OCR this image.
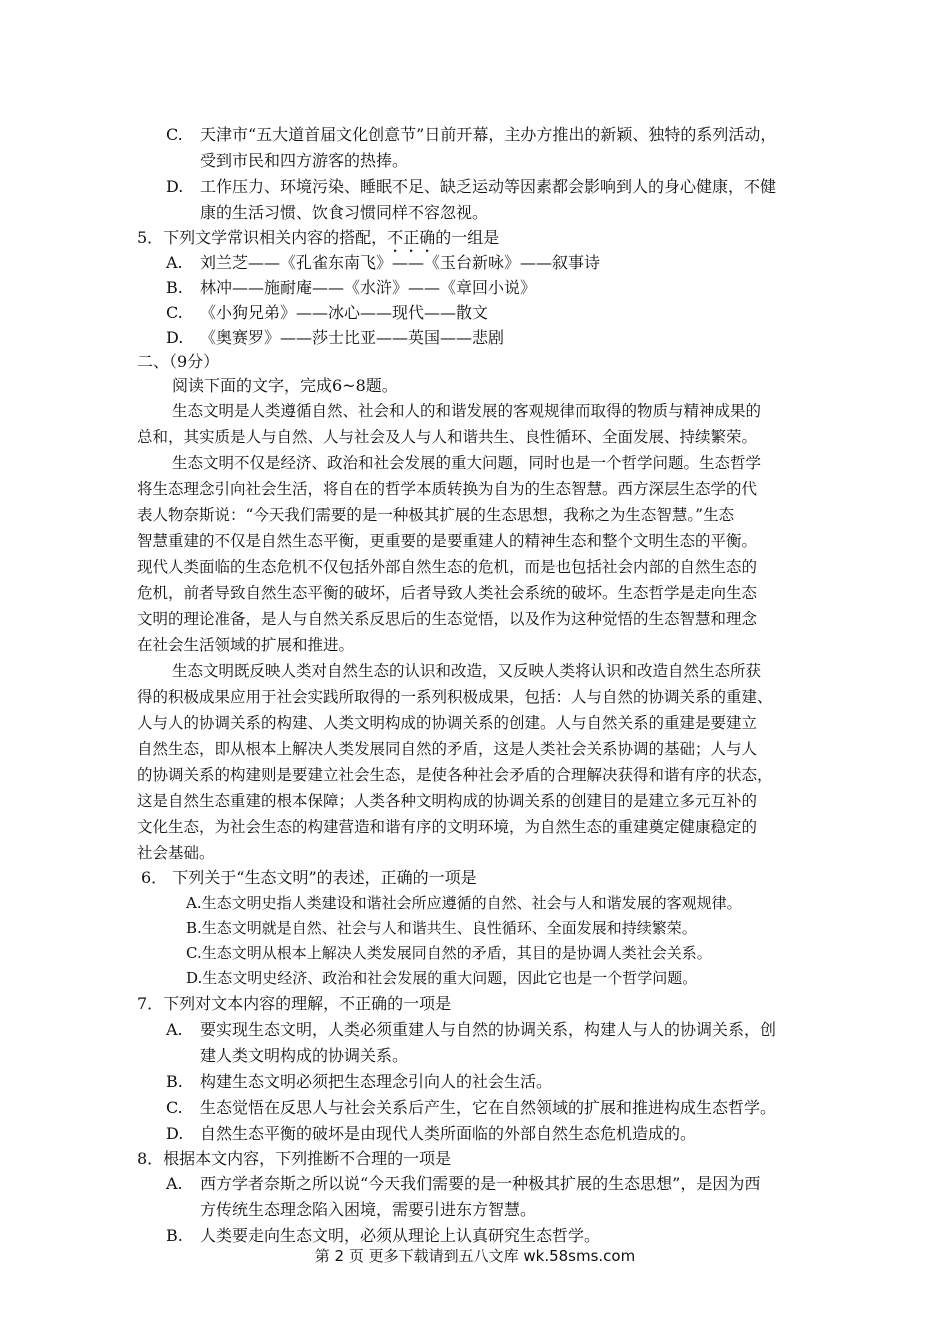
C. 天津市“五大道首届文化创意节”日前开幕，主办方推出的新颖、独特的系列活动，
受到市民和四方游客的热捧。
D. 工作压力、环境污染、睡眠不足、缺乏运动等因素都会影响到人的身心健康，不健
康的生活习惯、饮食习惯同样不容忽视。
5．下列文学常识相关内容的搭配，不正确的一组是
A. 刘兰芝——《孔雀东南飞》——《玉台新咏》——叙事诗
B. 林冲——施耐庵——《水浒》——《章回小说》
C. 《小狗兄弟》——冰心——现代——散文
D. 《奥赛罗》——莎士比亚——英国——悲剧
二、（9分）
阅读下面的文字，完成6~8题。
生态文明是人类遵循自然、社会和人的和谐发展的客观规律而取得的物质与精神成果的
总和，其实质是人与自然、人与社会及人与人和谐共生、良性循环、全面发展、持续繁荣。
生态文明不仅是经济、政治和社会发展的重大问题，同时也是一个哲学问题。生态哲学
将生态理念引向社会生活，将自在的哲学本质转换为自为的生态智慧。西方深层生态学的代
表人物奈斯说：“今天我们需要的是一种极其扩展的生态思想，我称之为生态智慧。”生态
智慧重建的不仅是自然生态平衡，更重要的是要重建人的精神生态和整个文明生态的平衡。
现代人类面临的生态危机不仅包括外部自然生态的危机，而是也包括社会内部的自然生态的
危机，前者导致自然生态平衡的破坏，后者导致人类社会系统的破坏。生态哲学是走向生态
文明的理论准备，是人与自然关系反思后的生态觉悟，以及作为这种觉悟的生态智慧和理念
在社会生活领域的扩展和推进。
生态文明既反映人类对自然生态的认识和改造，又反映人类将认识和改造自然生态所获
得的积极成果应用于社会实践所取得的一系列积极成果，包括：人与自然的协调关系的重建、
人与人的协调关系的构建、人类文明构成的协调关系的创建。人与自然关系的重建是要建立
自然生态，即从根本上解决人类发展同自然的矛盾，这是人类社会关系协调的基础；人与人
的协调关系的构建则是要建立社会生态，是使各种社会矛盾的合理解决获得和谐有序的状态，
这是自然生态重建的根本保障；人类各种文明构成的协调关系的创建目的是建立多元互补的
文化生态，为社会生态的构建营造和谐有序的文明环境，为自然生态的重建奠定健康稳定的
社会基础。
6． 下列关于“生态文明”的表述，正确的一项是
A.生态文明史指人类建设和谐社会所应遵循的自然、社会与人和谐发展的客观规律。
B.生态文明就是自然、社会与人和谐共生、良性循环、全面发展和持续繁荣。
C.生态文明从根本上解决人类发展同自然的矛盾，其目的是协调人类社会关系。
D.生态文明史经济、政治和社会发展的重大问题，因此它也是一个哲学问题。
7．下列对文本内容的理解，不正确的一项是
A. 要实现生态文明，人类必须重建人与自然的协调关系，构建人与人的协调关系，创
建人类文明构成的协调关系。
B. 构建生态文明必须把生态理念引向人的社会生活。
C. 生态觉悟在反思人与社会关系后产生，它在自然领域的扩展和推进构成生态哲学。
D. 自然生态平衡的破坏是由现代人类所面临的外部自然生态危机造成的。
8．根据本文内容，下列推断不合理的一项是
A. 西方学者奈斯之所以说“今天我们需要的是一种极其扩展的生态思想”，是因为西
方传统生态理念陷入困境，需要引进东方智慧。
B. 人类要走向生态文明，必须从理论上认真研究生态哲学。
第 2 页 更多下载请到五八文库 wk.58sms.com
